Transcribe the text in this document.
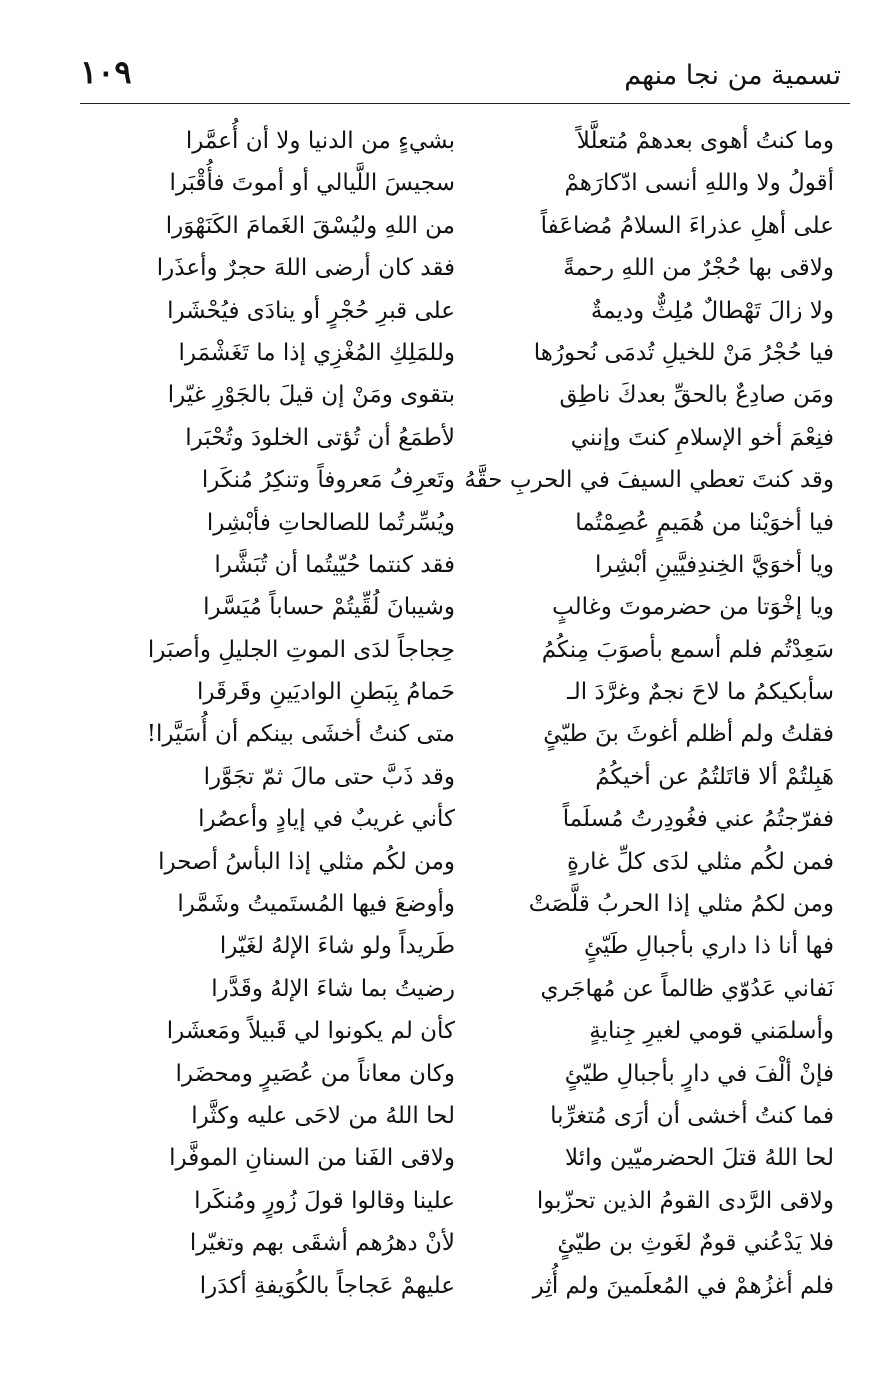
تسمية من نجا منهم
١٠٩
وما كنتُ أهوى بعدهمْ مُتعلَّلاً
أقولُ ولا واللهِ أنسى ادّكارَهمْ
على أهلِ عذراءَ السلامُ مُضاعَفاً
ولاقى بها حُجْرٌ من اللهِ رحمةً
ولا زالَ تَهْطالٌ مُلِثٌّ وديمةٌ
فيا حُجْرُ مَنْ للخيلِ تُدمَى نُحورُها
ومَن صادِعٌ بالحقِّ بعدكَ ناطِق
فنِعْمَ أخو الإسلامِ كنتَ وإنني
وقد كنتَ تعطي السيفَ في الحربِ حقَّهُ
فيا أخوَيْنا من هُمَيمٍ عُصِمْتُما
ويا أخوَيَّ الخِندِفيَّينِ أبْشِرا
ويا إخْوَتا من حضرموتَ وغالبٍ
سَعِدْتُم فلم أسمع بأصوَبَ مِنكُمُ
سأبكيكمُ ما لاحَ نجمٌ وغرَّدَ الـ
فقلتُ ولم أظلم أغوثَ بنَ طيّئٍ
هَبِلتُمْ ألا قاتَلتُمُ عن أخيكُمُ
ففرّجتُمُ عني فغُودِرتُ مُسلَماً
فمن لكُم مثلي لدَى كلِّ غارةٍ
ومن لكمُ مثلي إذا الحربُ قلَّصَتْ
فها أنا ذا داري بأجبالِ طَيّئٍ
نَفاني عَدُوّي ظالماً عن مُهاجَري
وأسلمَني قومي لغيرِ جِنايةٍ
فإنْ ألْفَ في دارٍ بأجبالِ طيّئٍ
فما كنتُ أخشى أن أرَى مُتغرِّبا
لحا اللهُ قتلَ الحضرميّين وائلا
ولاقى الرَّدى القومُ الذين تحزّبوا
فلا يَدْعُني قومٌ لغَوثِ بن طيّئٍ
فلم أغزُهمْ في المُعلَمينَ ولم أُثِر
بشيءٍ من الدنيا ولا أن أُعمَّرا
سجيسَ اللَّيالي أو أموتَ فأُقْبَرا
من اللهِ وليُسْقَ الغَمامَ الكَنَهْوَرا
فقد كان أرضى اللهَ حجرٌ وأعذَرا
على قبرِ حُجْرٍ أو ينادَى فيُحْشَرا
وللمَلِكِ المُغْزِي إذا ما تَغَشْمَرا
بتقوى ومَنْ إن قيلَ بالجَوْرِ غيّرا
لأطمَعُ أن تُؤتى الخلودَ وتُحْبَرا
وتَعرِفُ مَعروفاً وتنكِرُ مُنكَرا
ويُسِّرتُما للصالحاتِ فأبْشِرا
فقد كنتما حُيّيتُما أن تُبَشَّرا
وشيبانَ لُقِّيتُمْ حساباً مُيَسَّرا
حِجاجاً لدَى الموتِ الجليلِ وأصبَرا
حَمامُ بِبَطنِ الواديَينِ وقَرقَرا
متى كنتُ أخشَى بينكم أن أُسَيَّرا!
وقد ذَبَّ حتى مالَ ثمّ تجَوَّرا
كأني غريبٌ في إيادٍ وأعصُرا
ومن لكُم مثلي إذا البأسُ أصحرا
وأوضعَ فيها المُستَميتُ وشَمَّرا
طَريداً ولو شاءَ الإلهُ لغَيّرا
رضيتُ بما شاءَ الإلهُ وقَدَّرا
كأن لم يكونوا لي قَبيلاً ومَعشَرا
وكان معاناً من عُصَيرٍ ومحضَرا
لحا اللهُ من لاحَى عليه وكثَّرا
ولاقى الفَنا من السنانِ الموفَّرا
علينا وقالوا قولَ زُورٍ ومُنكَرا
لأنْ دهرُهم أشقَى بهم وتغيّرا
عليهمْ عَجاجاً بالكُوَيفةِ أكدَرا
